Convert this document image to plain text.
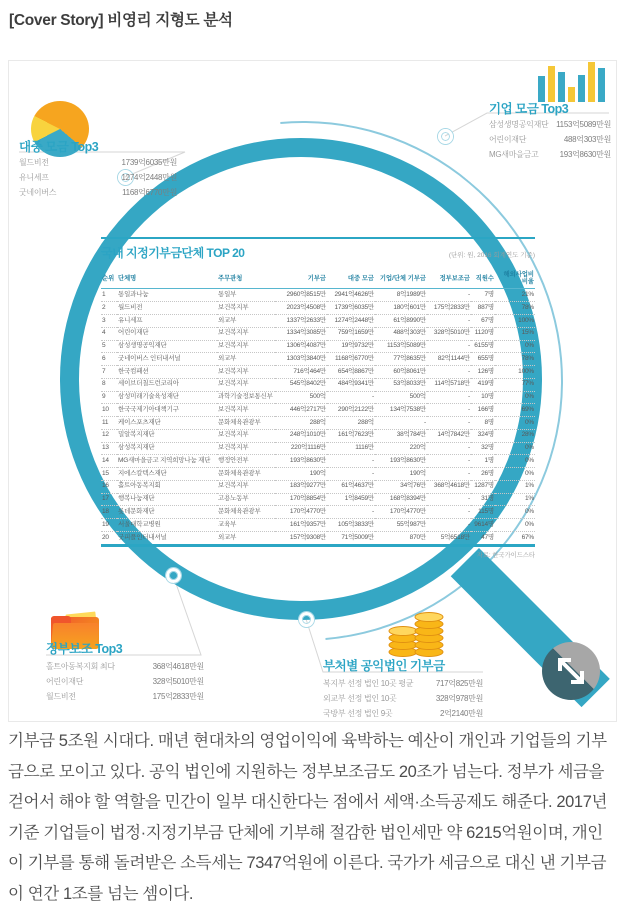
[Cover Story] 비영리 지형도 분석
대중 모금 Top3
월드비전	1739억6035만원
유니세프	1274억2448만원
굿네이버스	1168억6770만원
기업 모금 Top3
삼성생명공익재단 1153억5089만원
어린이재단	488억303만원
MG새마을금고	193억8630만원
정부보조 Top3
홀트아동복지회 최다	368억4618만원
어린이재단	328억5010만원
월드비전	175억2833만원
부처별 공익법인 기부금
복지부 선정 법인 10곳 평균	717억825만원
외교부 선정 법인 10곳	328억978만원
국방부 선정 법인 9곳	2억2140만원
국내 지정기부금단체 TOP 20	(단위: 원, 2016 회계연도 기준)
순위	단체명	주무관청	기부금	대중 모금	기업/단체 기부금	정부보조금	직원수	해외사업비 비율
1	통일과나눔	통일부	2960억8515만	2941억4626만	8억1989만	-	7명	21%
2	월드비전	보건복지부	2023억4508만	1739억6035만	180억601만	175억2833만	887명	78%
3	유니세프	외교부	1337억2633만	1274억2448만	61억8990만	-	67명	100%
4	어린이재단	보건복지부	1334억3085만	759억1659만	488억303만	328억5010만	1120명	15%
5	삼성생명공익재단	보건복지부	1306억4087만	19억9732만	1153억5089만	-	6155명	0%
6	굿네이버스 인터내셔널	외교부	1303억3840만	1168억6770만	77억8635만	82억1144만	655명	78%
7	한국컴패션	보건복지부	716억464만	654억8867만	60억8061만	-	126명	100%
8	세이브더칠드런코리아	보건복지부	545억8402만	484억9341만	53억8033만	114억5718만	419명	77%
9	삼성미래기술육성재단	과학기술정보통신부	500억	-	500억	-	10명	0%
10	한국국제기아대책기구	보건복지부	446억2717만	290억2122만	134억7538만	-	166명	69%
11	케이스포츠재단	문화체육관광부	288억	288억	-	-	8명	0%
12	밀알복지재단	보건복지부	248억1010만	161억7623만	38억784만	14억7842만	324명	28%
13	삼성복지재단	보건복지부	220억1116만	1116만	220억	-	32명	0%
14	MG새마을금고 지역희망나눔 재단	행정안전부	193억8630만	-	193억8630만	-	1명	0%
15	지에스칼텍스재단	문화체육관광부	190억	-	190억	-	26명	0%
16	홀트아동복지회	보건복지부	183억9277만	61억4637만	34억76만	368억4618만	1287명	1%
17	행복나눔재단	고용노동부	170억8854만	1억8459만	168억8394만	-	31명	1%
18	롯데문화재단	문화체육관광부	170억4770만	-	170억4770만	-	115명	0%
19	서울대학교병원	교육부	161억9357만	105억3833만	55억987만	-	9614명	0%
20	굿피플인터내셔널	외교부	157억9308만	71억5009만	870만	5억6518만	47명	67%
자료: 한국가이드스타
기부금 5조원 시대다. 매년 현대차의 영업이익에 육박하는 예산이 개인과 기업들의 기부금으로 모이고 있다. 공익 법인에 지원하는 정부보조금도 20조가 넘는다. 정부가 세금을 걷어서 해야 할 역할을 민간이 일부 대신한다는 점에서 세액·소득공제도 해준다. 2017년 기준 기업들이 법정·지정기부금 단체에 기부해 절감한 법인세만 약 6215억원이며, 개인이 기부를 통해 돌려받은 소득세는 7347억원에 이른다. 국가가 세금으로 대신 낸 기부금이 연간 1조를 넘는 셈이다.
